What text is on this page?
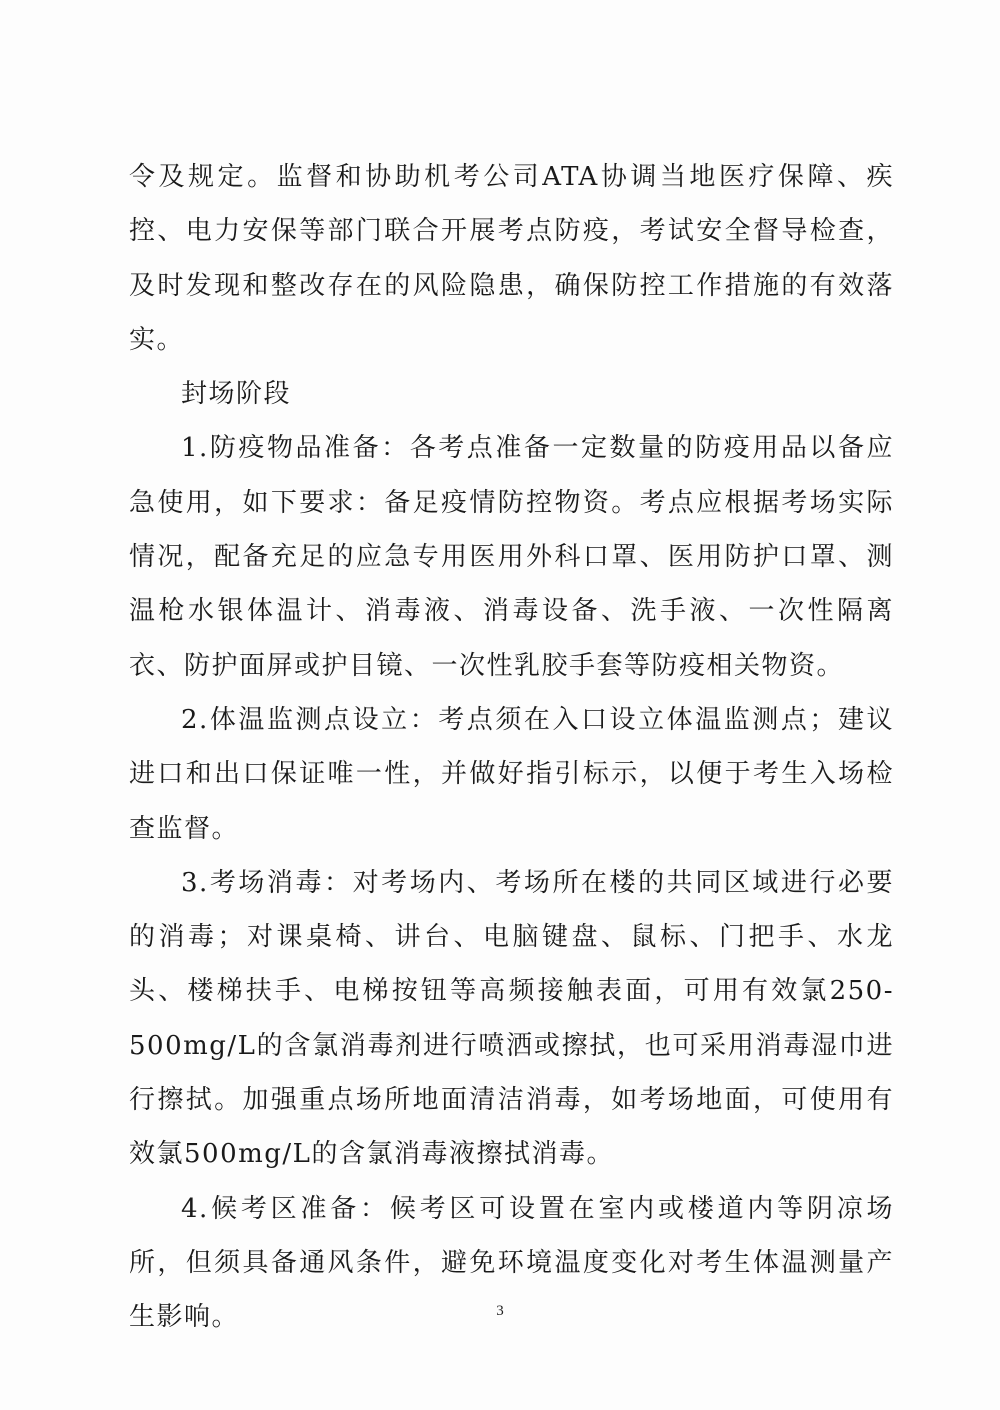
令及规定。监督和协助机考公司ATA协调当地医疗保障、疾控、电力安保等部门联合开展考点防疫，考试安全督导检查，及时发现和整改存在的风险隐患，确保防控工作措施的有效落实。

封场阶段

1.防疫物品准备：各考点准备一定数量的防疫用品以备应急使用，如下要求：备足疫情防控物资。考点应根据考场实际情况，配备充足的应急专用医用外科口罩、医用防护口罩、测温枪水银体温计、消毒液、消毒设备、洗手液、一次性隔离衣、防护面屏或护目镜、一次性乳胶手套等防疫相关物资。

2.体温监测点设立：考点须在入口设立体温监测点；建议进口和出口保证唯一性，并做好指引标示，以便于考生入场检查监督。

3.考场消毒：对考场内、考场所在楼的共同区域进行必要的消毒；对课桌椅、讲台、电脑键盘、鼠标、门把手、水龙头、楼梯扶手、电梯按钮等高频接触表面，可用有效氯250-500mg/L的含氯消毒剂进行喷洒或擦拭，也可采用消毒湿巾进行擦拭。加强重点场所地面清洁消毒，如考场地面，可使用有效氯500mg/L的含氯消毒液擦拭消毒。

4.候考区准备：候考区可设置在室内或楼道内等阴凉场所，但须具备通风条件，避免环境温度变化对考生体温测量产生影响。	3
